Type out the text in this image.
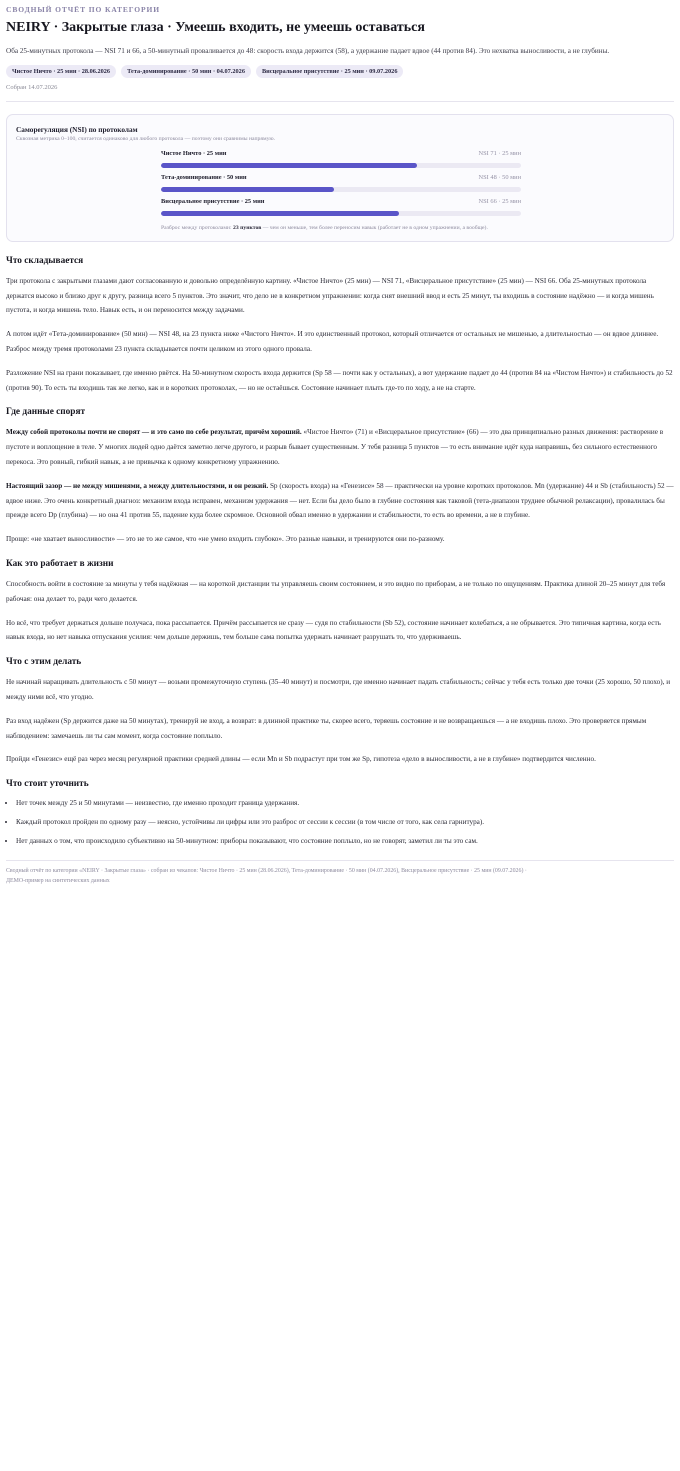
СВОДНЫЙ ОТЧЁТ ПО КАТЕГОРИИ
NEIRY · Закрытые глаза · Умеешь входить, не умеешь оставаться
Оба 25-минутных протокола — NSI 71 и 66, а 50-минутный проваливается до 48: скорость входа держится (58), а удержание падает вдвое (44 против 84). Это нехватка выносливости, а не глубины.
Чистое Ничто · 25 мин · 28.06.2026	Тета-доминирование · 50 мин · 04.07.2026	Висцеральное присутствие · 25 мин · 09.07.2026
Собран 14.07.2026
Саморегуляция (NSI) по протоколам
Сквозная метрика 0–100, считается одинаково для любого протокола — поэтому они сравнимы напрямую.
Чистое Ничто · 25 мин	NSI 71 · 25 мин
Тета-доминирование · 50 мин	NSI 48 · 50 мин
Висцеральное присутствие · 25 мин	NSI 66 · 25 мин
Разброс между протоколами: 23 пунктов — чем он меньше, тем более переносим навык (работает не в одном упражнении, а вообще).
Что складывается

Три протокола с закрытыми глазами дают согласованную и довольно определённую картину. «Чистое Ничто» (25 мин) — NSI 71, «Висцеральное присутствие» (25 мин) — NSI 66. Оба 25-минутных протокола держатся высоко и близко друг к другу, разница всего 5 пунктов. Это значит, что дело не в конкретном упражнении: когда снят внешний ввод и есть 25 минут, ты входишь в состояние надёжно — и когда мишень пустота, и когда мишень тело. Навык есть, и он переносится между задачами.

А потом идёт «Тета-доминирование» (50 мин) — NSI 48, на 23 пункта ниже «Чистого Ничто». И это единственный протокол, который отличается от остальных не мишенью, а длительностью — он вдвое длиннее. Разброс между тремя протоколами 23 пункта складывается почти целиком из этого одного провала.

Разложение NSI на грани показывает, где именно рвётся. На 50-минутном скорость входа держится (Sp 58 — почти как у остальных), а вот удержание падает до 44 (против 84 на «Чистом Ничто») и стабильность до 52 (против 90). То есть ты входишь так же легко, как и в коротких протоколах, — но не остаёшься. Состояние начинает плыть где-то по ходу, а не на старте.

Где данные спорят

Между собой протоколы почти не спорят — и это само по себе результат, причём хороший. «Чистое Ничто» (71) и «Висцеральное присутствие» (66) — это два принципиально разных движения: растворение в пустоте и воплощение в теле. У многих людей одно даётся заметно легче другого, и разрыв бывает существенным. У тебя разница 5 пунктов — то есть внимание идёт куда направишь, без сильного естественного перекоса. Это ровный, гибкий навык, а не привычка к одному конкретному упражнению.

Настоящий зазор — не между мишенями, а между длительностями, и он резкий. Sp (скорость входа) на «Генезисе» 58 — практически на уровне коротких протоколов. Mn (удержание) 44 и Sb (стабильность) 52 — вдвое ниже. Это очень конкретный диагноз: механизм входа исправен, механизм удержания — нет. Если бы дело было в глубине состояния как таковой (тета-диапазон труднее обычной релаксации), провалилась бы прежде всего Dp (глубина) — но она 41 против 55, падение куда более скромное. Основной обвал именно в удержании и стабильности, то есть во времени, а не в глубине.

Проще: «не хватает выносливости» — это не то же самое, что «не умею входить глубоко». Это разные навыки, и тренируются они по-разному.

Как это работает в жизни

Способность войти в состояние за минуты у тебя надёжная — на короткой дистанции ты управляешь своим состоянием, и это видно по приборам, а не только по ощущениям. Практика длиной 20–25 минут для тебя рабочая: она делает то, ради чего делается.

Но всё, что требует держаться дольше получаса, пока рассыпается. Причём рассыпается не сразу — судя по стабильности (Sb 52), состояние начинает колебаться, а не обрывается. Это типичная картина, когда есть навык входа, но нет навыка отпускания усилия: чем дольше держишь, тем больше сама попытка удержать начинает разрушать то, что удерживаешь.

Что с этим делать

Не начинай наращивать длительность с 50 минут — возьми промежуточную ступень (35–40 минут) и посмотри, где именно начинает падать стабильность; сейчас у тебя есть только две точки (25 хорошо, 50 плохо), и между ними всё, что угодно.

Раз вход надёжен (Sp держится даже на 50 минутах), тренируй не вход, а возврат: в длинной практике ты, скорее всего, теряешь состояние и не возвращаешься — а не входишь плохо. Это проверяется прямым наблюдением: замечаешь ли ты сам момент, когда состояние поплыло.

Пройди «Генезис» ещё раз через месяц регулярной практики средней длины — если Mn и Sb подрастут при том же Sp, гипотеза «дело в выносливости, а не в глубине» подтвердится численно.

Что стоит уточнить
• Нет точек между 25 и 50 минутами — неизвестно, где именно проходит граница удержания.
• Каждый протокол пройден по одному разу — неясно, устойчивы ли цифры или это разброс от сессии к сессии (в том числе от того, как села гарнитура).
• Нет данных о том, что происходило субъективно на 50-минутном: приборы показывают, что состояние поплыло, но не говорят, заметил ли ты это сам.
Сводный отчёт по категории «NEIRY · Закрытые глаза» · собран из чекапов: Чистое Ничто · 25 мин (28.06.2026), Тета-доминирование · 50 мин (04.07.2026), Висцеральное присутствие · 25 мин (09.07.2026) ·
ДЕМО-пример на синтетических данных
